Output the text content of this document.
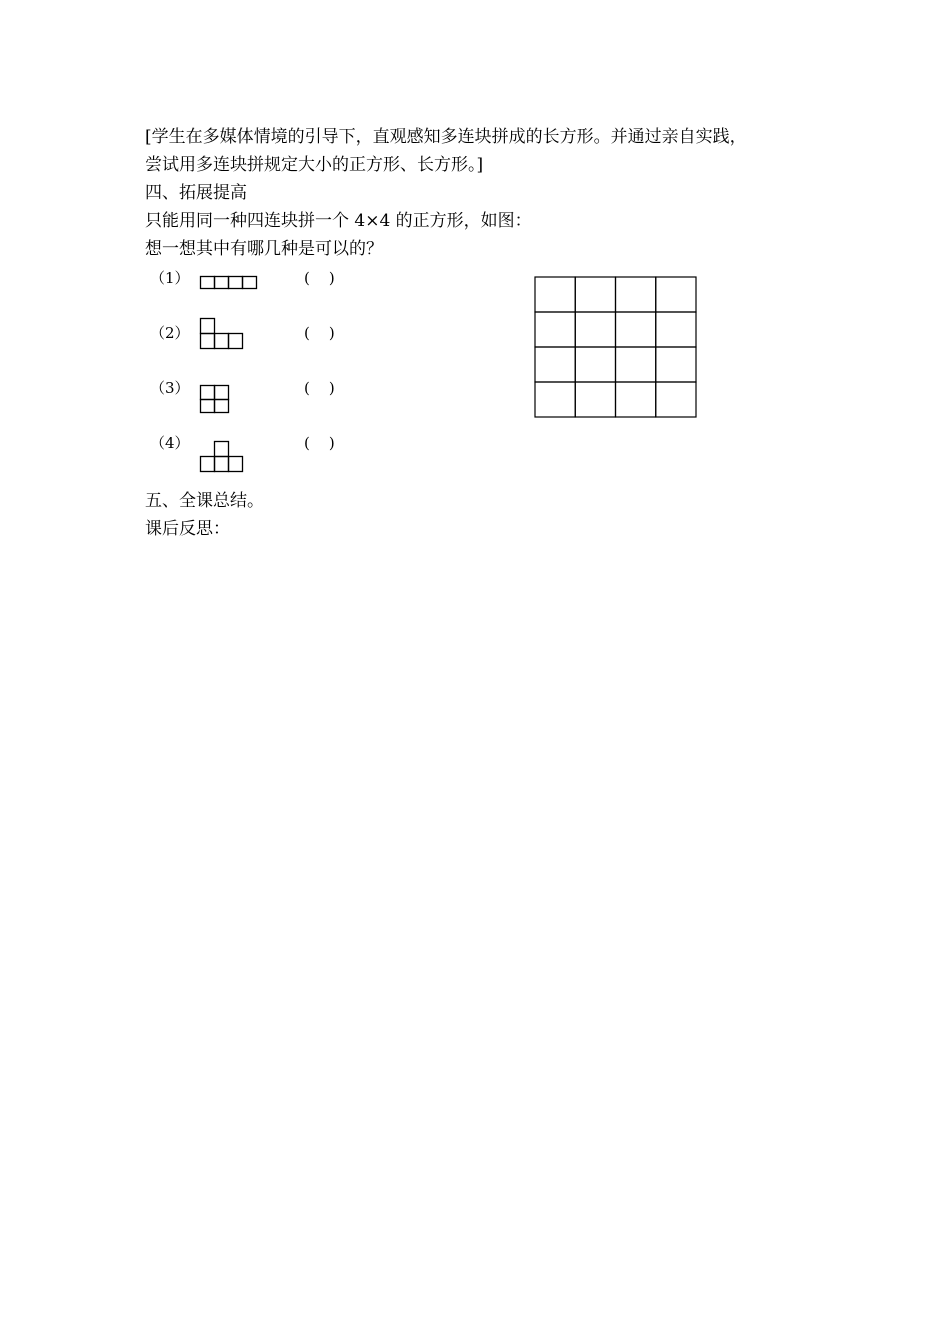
[学生在多媒体情境的引导下，直观感知多连块拼成的长方形。并通过亲自实践，
尝试用多连块拼规定大小的正方形、长方形。]
四、拓展提高
只能用同一种四连块拼一个 4×4 的正方形，如图：
想一想其中有哪几种是可以的？
（1）	(    )
（2）	(    )
（3）	(    )
（4）	(    )
五、全课总结。
课后反思：
